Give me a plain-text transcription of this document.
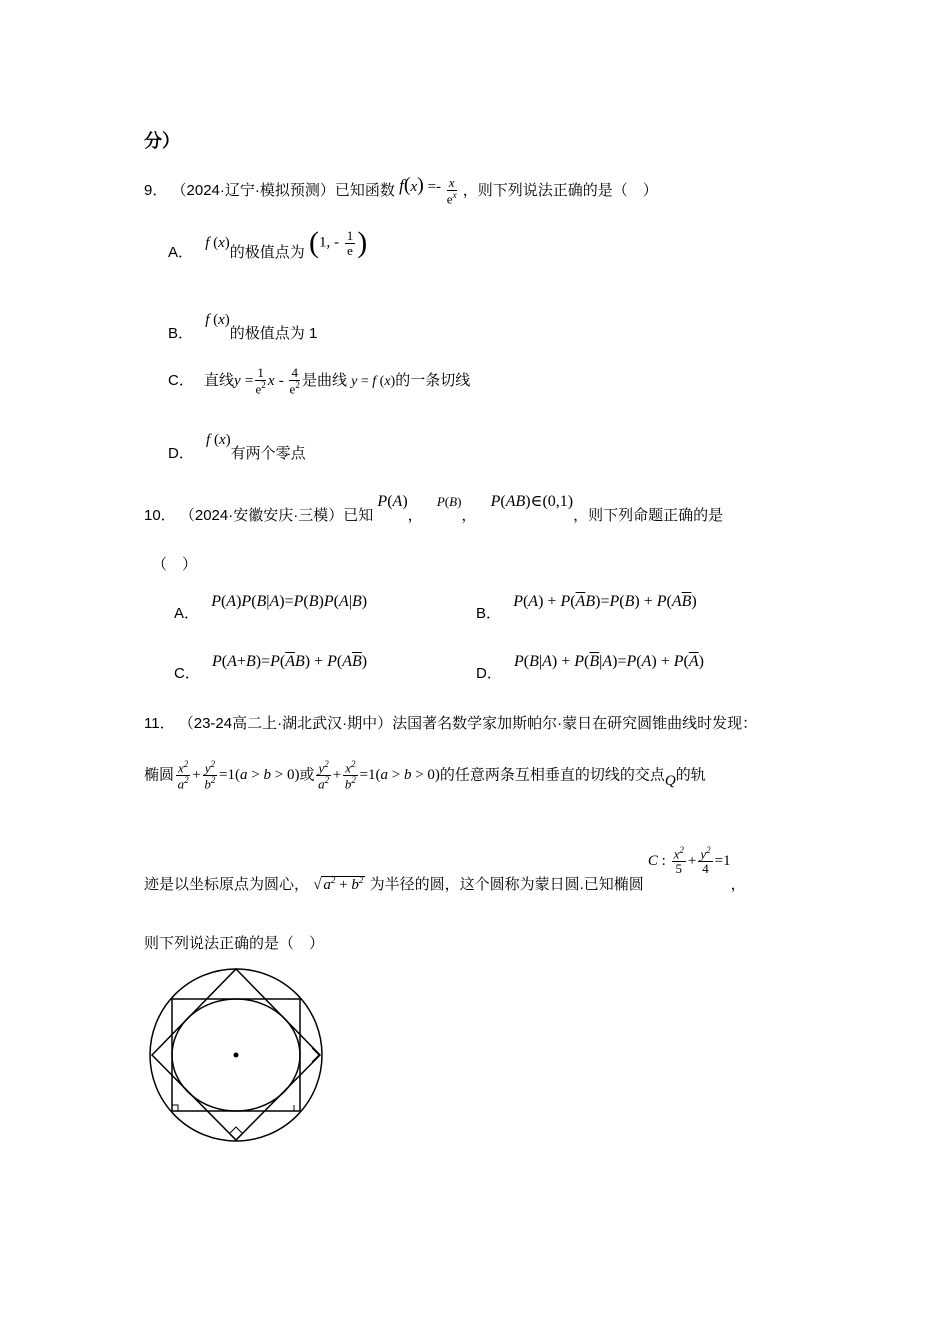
分）
9． （2024·辽宁·模拟预测）已知函数 $f(x) =- \frac{x}{e^x}$ ，则下列说法正确的是（　）
A． f (x)的极值点为 (1, - $\frac{1}{e}$ )
B． f (x)的极值点为 1
C． 直线$y = \frac{1}{e^2}$ x - $\frac{4}{e^2}$ 是曲线 y = f (x)的一条切线
D． f (x)有两个零点
10． （2024·安徽安庆·三模）已知 P(A)， P(B)， P(AB)∈(0,1)，则下列命题正确的是
（　）
A． P(A)P(B|A)=P(B)P(A|B)
B． $P(A) + P(\overline{A}B)=P(B) + P(A\overline{B})$
C． $P(A+B)=P(\overline{A}B) + P(A\overline{B})$
D． $P(B|A) + P(\overline{B}|A)=P(A) + P(\overline{A})$
11． （23-24高二上·湖北武汉·期中）法国著名数学家加斯帕尔·蒙日在研究圆锥曲线时发现：
椭圆 $\frac{x^2}{a^2} + \frac{y^2}{b^2} =1(a > b > 0)$或 $\frac{y^2}{a^2} + \frac{x^2}{b^2} =1(a > b > 0)$的任意两条互相垂直的切线的交点Q的轨
迹是以坐标原点为圆心， √ $a^2 + b^2$ 为半径的圆，这个圆称为蒙日圆.已知椭圆 C : $\frac{x^2}{5} + \frac{y^2}{4} =1$，
则下列说法正确的是（　）
